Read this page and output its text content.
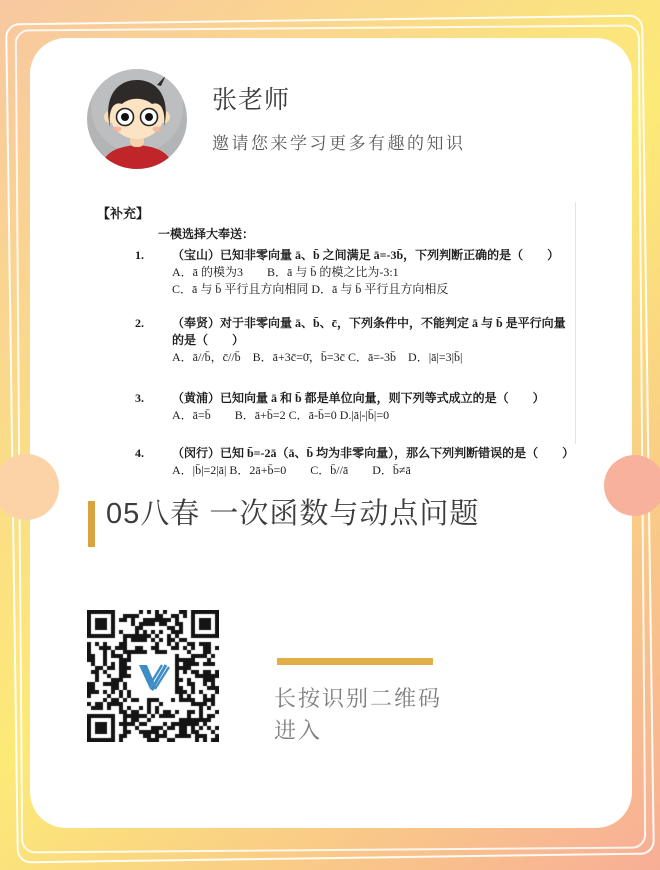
张老师
邀请您来学习更多有趣的知识
【补充】
一模选择大奉送：
1.	（宝山）已知非零向量 ā、b̄ 之间满足 ā=-3b̄，下列判断正确的是（　　）
A．ā 的模为3　　B．ā 与 b̄ 的模之比为-3:1
C．ā 与 b̄ 平行且方向相同 D．ā 与 b̄ 平行且方向相反
2.	（奉贤）对于非零向量 ā、b̄、c̄，下列条件中，不能判定 ā 与 b̄ 是平行向量
的是（　　）
A．ā//b̄，c̄//b̄　B．ā+3c̄=0̄，b̄=3c̄ C．ā=-3b̄　D．|ā|=3|b̄|
3.	（黄浦）已知向量 ā 和 b̄ 都是单位向量，则下列等式成立的是（　　）
A．ā=b̄　　B．ā+b̄=2 C．ā-b̄=0 D.|ā|-|b̄|=0
4.	（闵行）已知 b̄=-2ā（ā、b̄ 均为非零向量），那么下列判断错误的是（　　）
A．|b̄|=2|ā| B．2ā+b̄=0　　C．b̄//ā　　D．b̄≠ā
05八春 一次函数与动点问题
长按识别二维码
进入
